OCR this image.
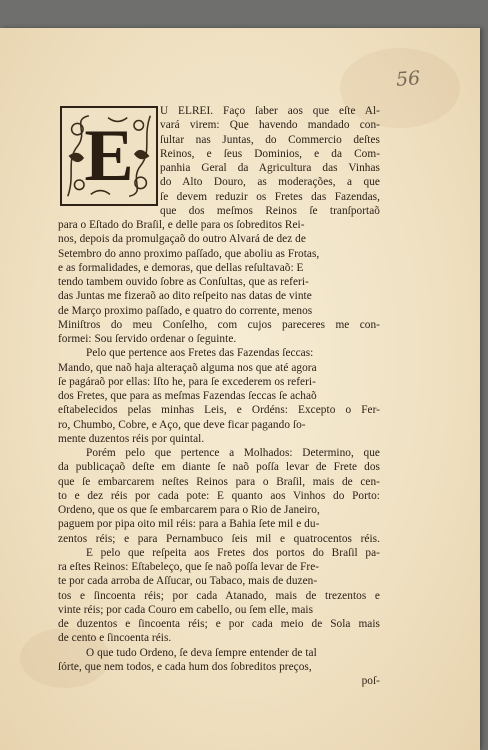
56
E
U ELREI. Faço ſaber aos que eſte Al-
vará virem: Que havendo mandado con-
ſultar nas Juntas, do Commercio deſtes
Reinos, e ſeus Dominios, e da Com-
panhia Geral da Agricultura das Vinhas
do Alto Douro, as moderações, a que
ſe devem reduzir os Fretes das Fazendas,
que dos meſmos Reinos ſe tranſportaõ
para o Eſtado do Braſil, e delle para os ſobreditos Rei-
nos, depois da promulgaçaõ do outro Alvará de dez de
Setembro do anno proximo paſſado, que aboliu as Frotas,
e as formalidades, e demoras, que dellas reſultavaõ: E
tendo tambem ouvido ſobre as Conſultas, que as referi-
das Juntas me fizeraõ ao dito reſpeito nas datas de vinte
de Março proximo paſſado, e quatro do corrente, menos
Miniſtros do meu Conſelho, com cujos pareceres me con-
formei: Sou ſervido ordenar o ſeguinte.
Pelo que pertence aos Fretes das Fazendas ſeccas:
Mando, que naõ haja alteraçaõ alguma nos que até agora
ſe pagáraõ por ellas: Iſto he, para ſe excederem os referi-
dos Fretes, que para as meſmas Fazendas ſeccas ſe achaõ
eſtabelecidos pelas minhas Leis, e Ordéns: Excepto o Fer-
ro, Chumbo, Cobre, e Aço, que deve ficar pagando ſo-
mente duzentos réis por quintal.
Porém pelo que pertence a Molhados: Determino, que
da publicaçaõ deſte em diante ſe naõ poſſa levar de Frete dos
que ſe embarcarem neſtes Reinos para o Braſil, mais de cen-
to e dez réis por cada pote: E quanto aos Vinhos do Porto:
Ordeno, que os que ſe embarcarem para o Rio de Janeiro,
paguem por pipa oito mil réis: para a Bahia ſete mil e du-
zentos réis; e para Pernambuco ſeis mil e quatrocentos réis.
E pelo que reſpeita aos Fretes dos portos do Braſil pa-
ra eſtes Reinos: Eſtabeleço, que ſe naõ poſſa levar de Fre-
te por cada arroba de Aſſucar, ou Tabaco, mais de duzen-
tos e ſincoenta réis; por cada Atanado, mais de trezentos e
vinte réis; por cada Couro em cabello, ou ſem elle, mais
de duzentos e ſincoenta réis; e por cada meio de Sola mais
de cento e ſincoenta réis.
O que tudo Ordeno, ſe deva ſempre entender de tal
ſórte, que nem todos, e cada hum dos ſobreditos preços,
poſ-
